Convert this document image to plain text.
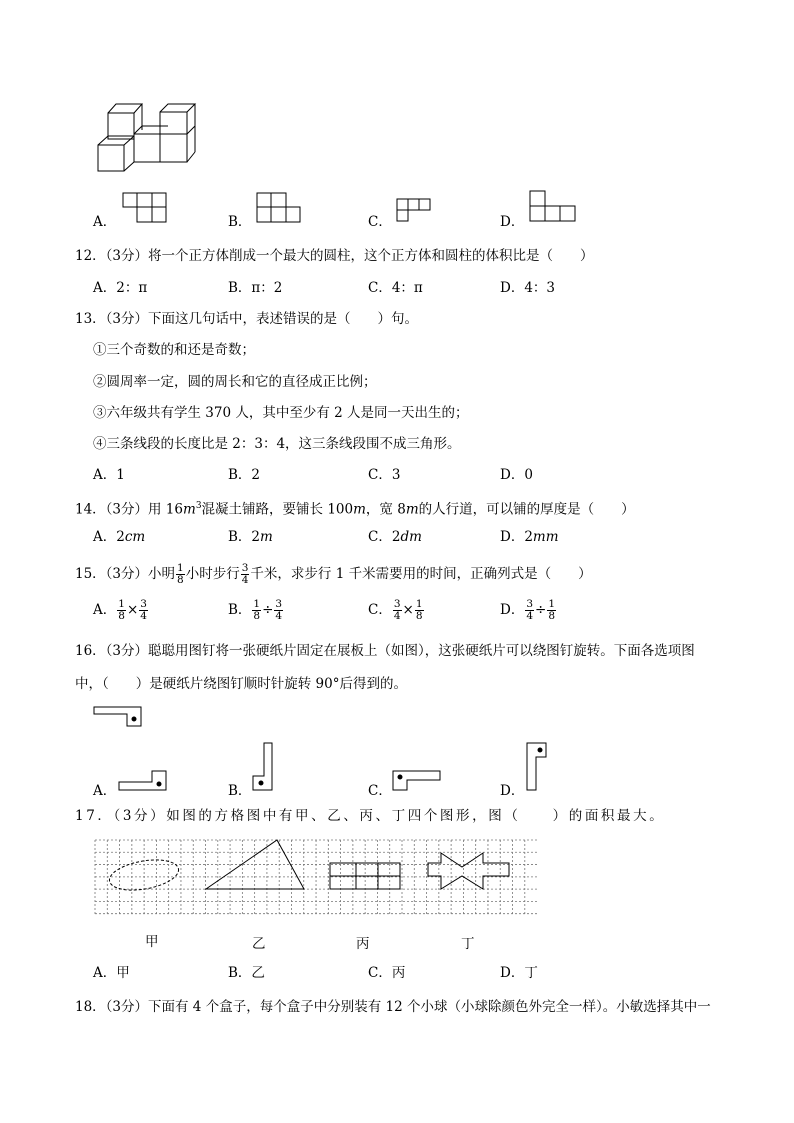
A．	B．	C．	D．
12．（3分）将一个正方体削成一个最大的圆柱，这个正方体和圆柱的体积比是（　　）
A．2：π	B．π：2	C．4：π	D．4：3
13．（3分）下面这几句话中，表述错误的是（　　）句。
①三个奇数的和还是奇数；
②圆周率一定，圆的周长和它的直径成正比例；
③六年级共有学生 370 人，其中至少有 2 人是同一天出生的；
④三条线段的长度比是 2：3：4，这三条线段围不成三角形。
A．1	B．2	C．3	D．0
14．（3分）用 $16m^3$混凝土铺路，要铺长 100m，宽 8m的人行道，可以铺的厚度是（　　）
A．2cm	B．2m	C．2dm	D．2mm
15．（3分）小明 $\frac{1}{8}$ 小时步行 $\frac{3}{4}$ 千米，求步行 1 千米需要用的时间，正确列式是（　　）
A． $\frac{1}{8} \times \frac{3}{4}$	B． $\frac{1}{8} \div \frac{3}{4}$	C． $\frac{3}{4} \times \frac{1}{8}$	D． $\frac{3}{4} \div \frac{1}{8}$
16．（3分）聪聪用图钉将一张硬纸片固定在展板上（如图），这张硬纸片可以绕图钉旋转。下面各选项图
中，（　　）是硬纸片绕图钉顺时针旋转 90°后得到的。
A．	B．	C．	D．
17．（3分）如图的方格图中有甲、乙、丙、丁四个图形，图（　　）的面积最大。
甲	乙	丙	丁
A．甲	B．乙	C．丙	D．丁
18．（3分）下面有 4 个盒子，每个盒子中分别装有 12 个小球（小球除颜色外完全一样）。小敏选择其中一
